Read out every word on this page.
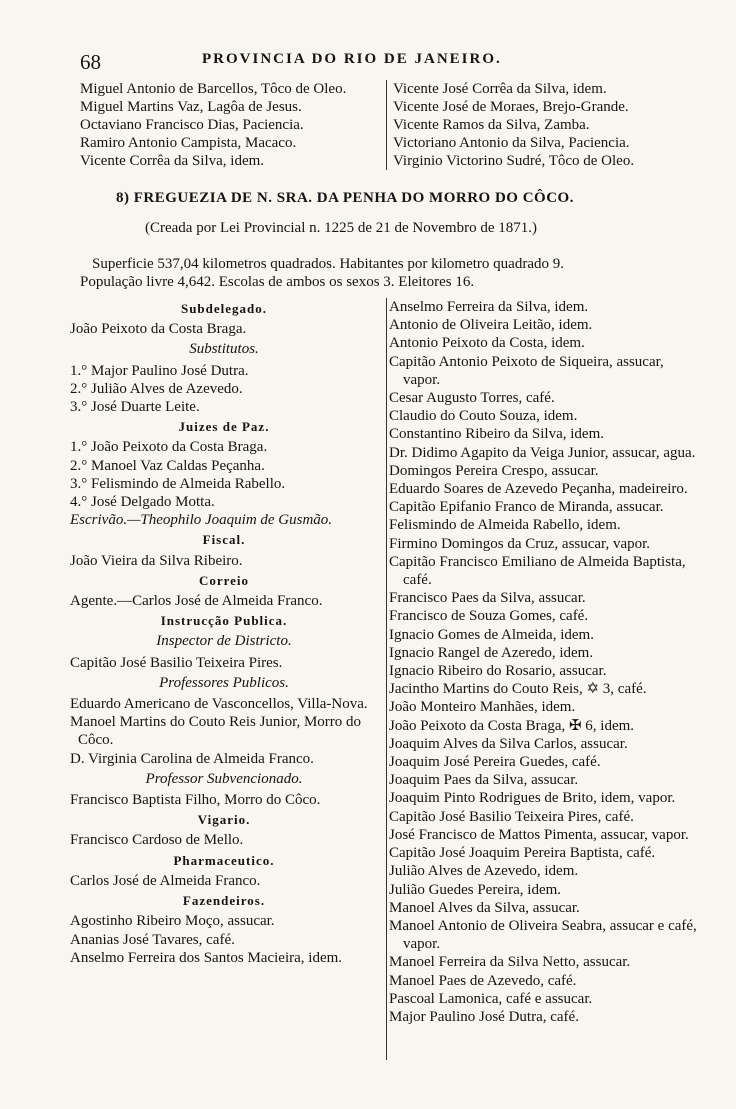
68	PROVINCIA DO RIO DE JANEIRO.
Miguel Antonio de Barcellos, Tôco de Oleo.
Miguel Martins Vaz, Lagôa de Jesus.
Octaviano Francisco Dias, Paciencia.
Ramiro Antonio Campista, Macaco.
Vicente Corrêa da Silva, idem.
Vicente José Corrêa da Silva, idem.
Vicente José de Moraes, Brejo-Grande.
Vicente Ramos da Silva, Zamba.
Victoriano Antonio da Silva, Paciencia.
Virginio Victorino Sudré, Tôco de Oleo.
8) FREGUEZIA DE N. SRA. DA PENHA DO MORRO DO CÔCO.
(Creada por Lei Provincial n. 1225 de 21 de Novembro de 1871.)
Superficie 537,04 kilometros quadrados. Habitantes por kilometro quadrado 9.
População livre 4,642. Escolas de ambos os sexos 3. Eleitores 16.
Subdelegado.
João Peixoto da Costa Braga.
Substitutos.
1.° Major Paulino José Dutra.
2.° Julião Alves de Azevedo.
3.° José Duarte Leite.
Juizes de Paz.
1.° João Peixoto da Costa Braga.
2.° Manoel Vaz Caldas Peçanha.
3.° Felismindo de Almeida Rabello.
4.° José Delgado Motta.
Escrivão.—Theophilo Joaquim de Gusmão.
Fiscal.
João Vieira da Silva Ribeiro.
Correio
Agente.—Carlos José de Almeida Franco.
Instrucção Publica.
Inspector de Districto.
Capitão José Basilio Teixeira Pires.
Professores Publicos.
Eduardo Americano de Vasconcellos, Villa-Nova.
Manoel Martins do Couto Reis Junior, Morro do Côco.
D. Virginia Carolina de Almeida Franco.
Professor Subvencionado.
Francisco Baptista Filho, Morro do Côco.
Vigario.
Francisco Cardoso de Mello.
Pharmaceutico.
Carlos José de Almeida Franco.
Fazendeiros.
Agostinho Ribeiro Moço, assucar.
Ananias José Tavares, café.
Anselmo Ferreira dos Santos Macieira, idem.
Anselmo Ferreira da Silva, idem.
Antonio de Oliveira Leitão, idem.
Antonio Peixoto da Costa, idem.
Capitão Antonio Peixoto de Siqueira, assucar, vapor.
Cesar Augusto Torres, café.
Claudio do Couto Souza, idem.
Constantino Ribeiro da Silva, idem.
Dr. Didimo Agapito da Veiga Junior, assucar, agua.
Domingos Pereira Crespo, assucar.
Eduardo Soares de Azevedo Peçanha, madeireiro.
Capitão Epifanio Franco de Miranda, assucar.
Felismindo de Almeida Rabello, idem.
Firmino Domingos da Cruz, assucar, vapor.
Capitão Francisco Emiliano de Almeida Baptista, café.
Francisco Paes da Silva, assucar.
Francisco de Souza Gomes, café.
Ignacio Gomes de Almeida, idem.
Ignacio Rangel de Azeredo, idem.
Ignacio Ribeiro do Rosario, assucar.
Jacintho Martins do Couto Reis, ✡ 3, café.
João Monteiro Manhães, idem.
João Peixoto da Costa Braga, ✠ 6, idem.
Joaquim Alves da Silva Carlos, assucar.
Joaquim José Pereira Guedes, café.
Joaquim Paes da Silva, assucar.
Joaquim Pinto Rodrigues de Brito, idem, vapor.
Capitão José Basilio Teixeira Pires, café.
José Francisco de Mattos Pimenta, assucar, vapor.
Capitão José Joaquim Pereira Baptista, café.
Julião Alves de Azevedo, idem.
Julião Guedes Pereira, idem.
Manoel Alves da Silva, assucar.
Manoel Antonio de Oliveira Seabra, assucar e café, vapor.
Manoel Ferreira da Silva Netto, assucar.
Manoel Paes de Azevedo, café.
Pascoal Lamonica, café e assucar.
Major Paulino José Dutra, café.
